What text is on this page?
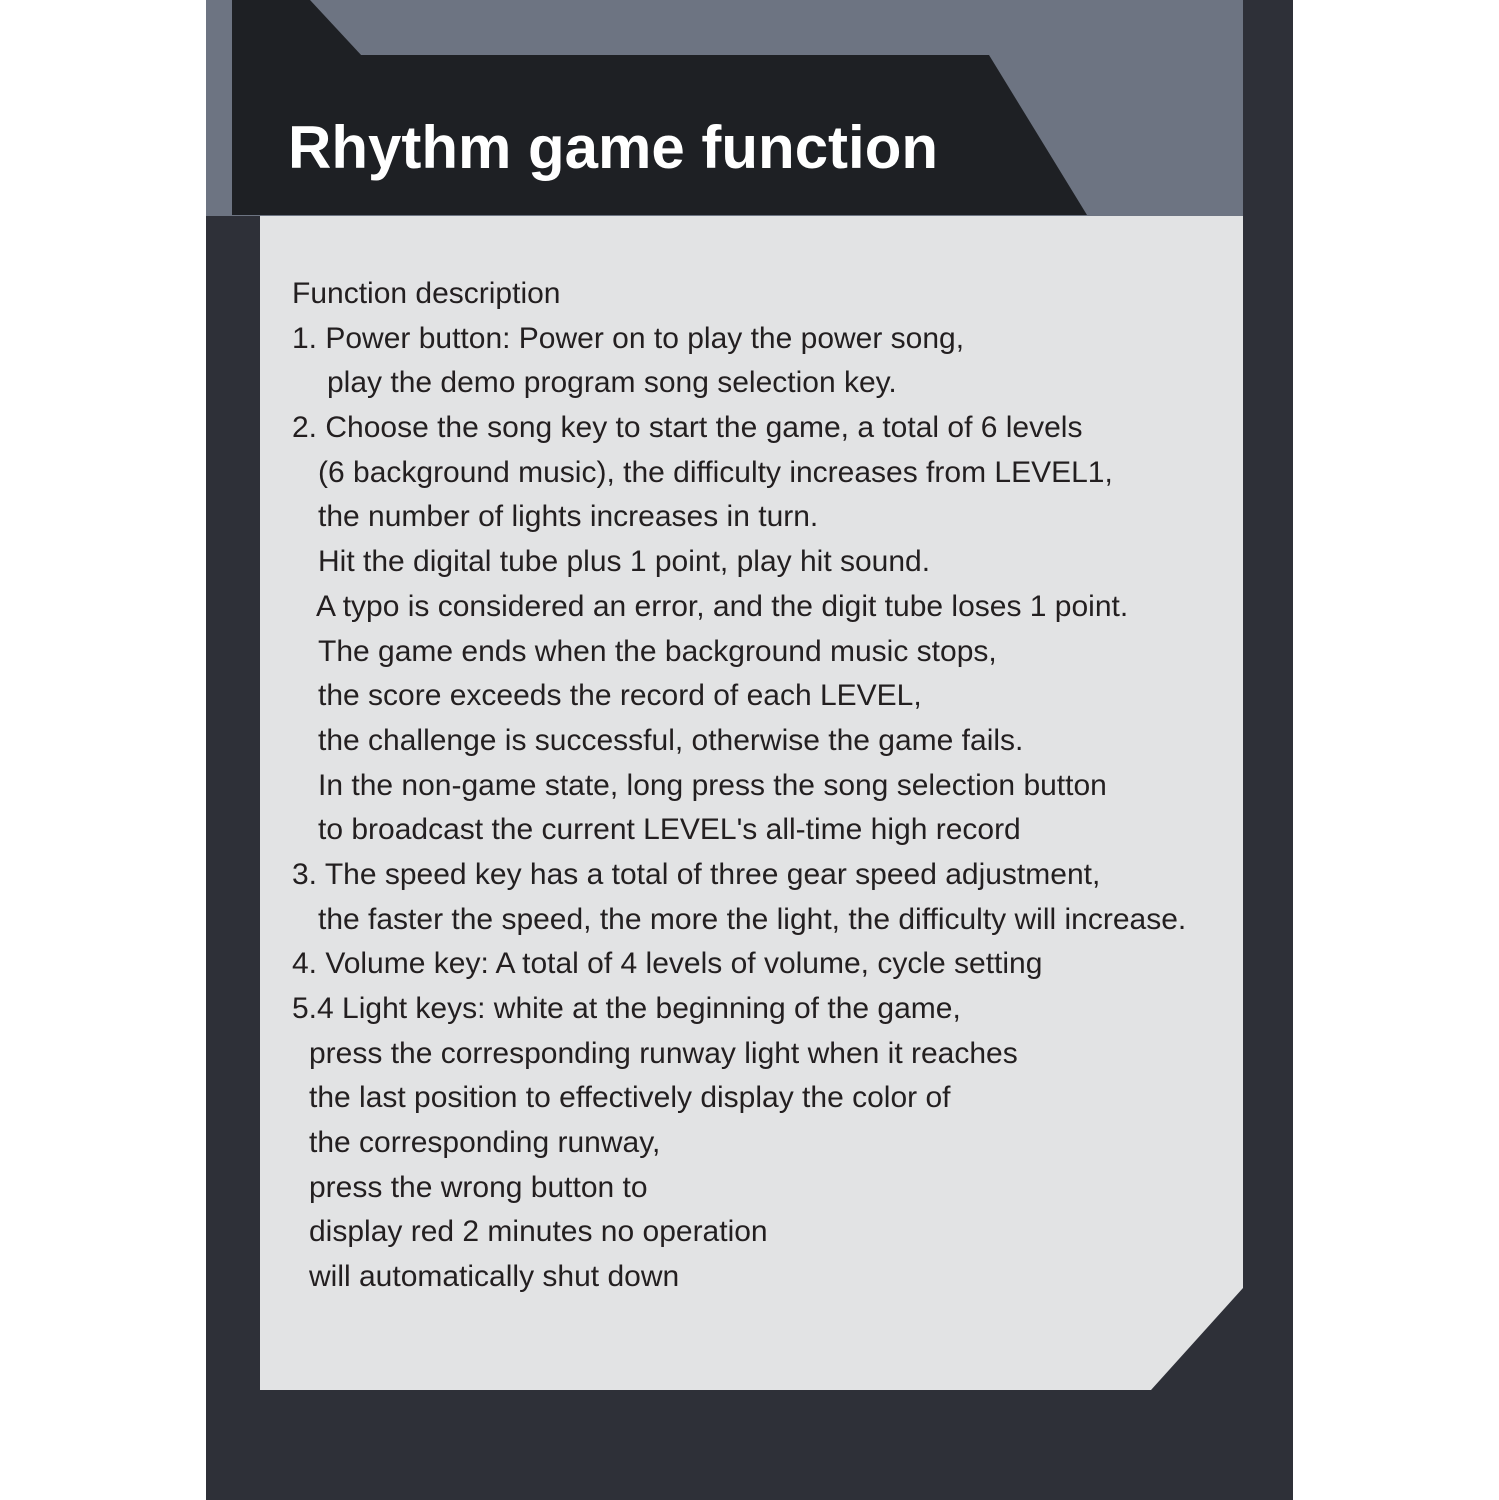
Rhythm game function
Function description
1. Power button: Power on to play the power song,
play the demo program song selection key.
2. Choose the song key to start the game, a total of 6 levels
(6 background music), the difficulty increases from LEVEL1,
the number of lights increases in turn.
Hit the digital tube plus 1 point, play hit sound.
A typo is considered an error, and the digit tube loses 1 point.
The game ends when the background music stops,
the score exceeds the record of each LEVEL,
the challenge is successful, otherwise the game fails.
In the non-game state, long press the song selection button
to broadcast the current LEVEL's all-time high record
3. The speed key has a total of three gear speed adjustment,
the faster the speed, the more the light, the difficulty will increase.
4. Volume key: A total of 4 levels of volume, cycle setting
5.4 Light keys: white at the beginning of the game,
press the corresponding runway light when it reaches
the last position to effectively display the color of
the corresponding runway,
press the wrong button to
display red 2 minutes no operation
will automatically shut down
